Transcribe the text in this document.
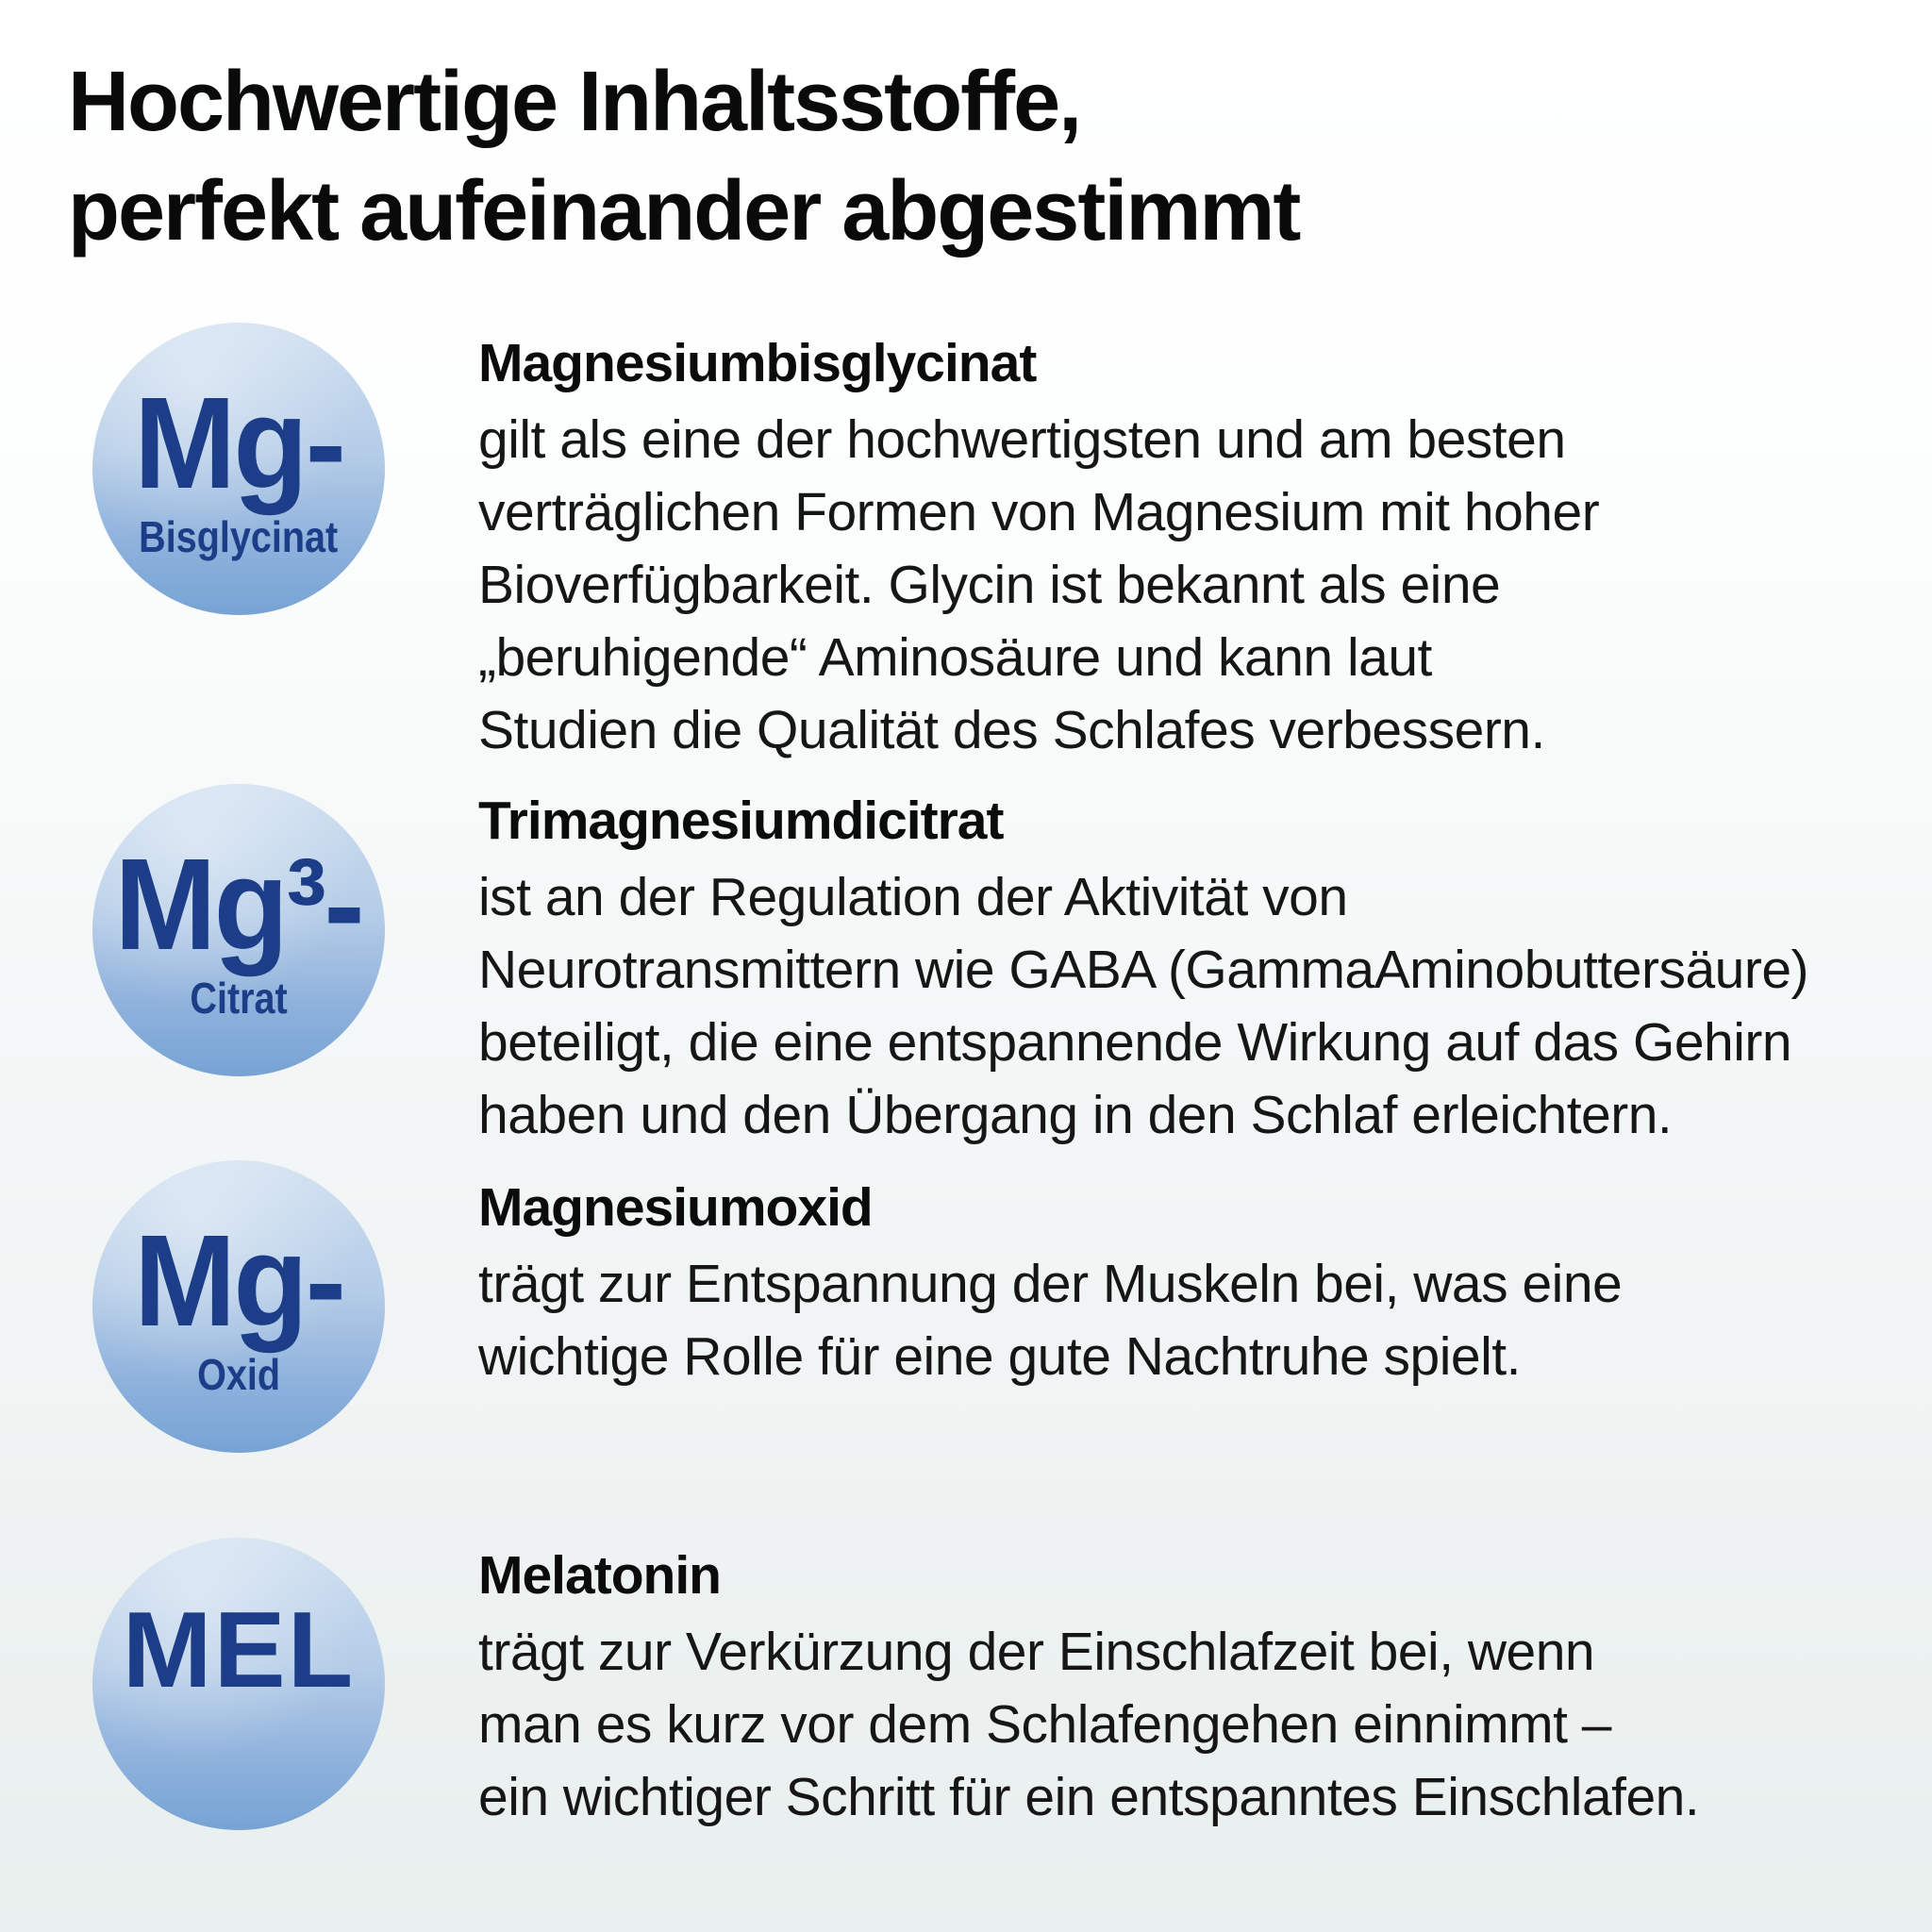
Hochwertige Inhaltsstoffe,
perfekt aufeinander abgestimmt
Mg-
Bisglycinat
Magnesiumbisglycinat
gilt als eine der hochwertigsten und am besten
verträglichen Formen von Magnesium mit hoher
Bioverfügbarkeit. Glycin ist bekannt als eine
„beruhigende“ Aminosäure und kann laut
Studien die Qualität des Schlafes verbessern.
Mg³-
Citrat
Trimagnesiumdicitrat
ist an der Regulation der Aktivität von
Neurotransmittern wie GABA (GammaAminobuttersäure)
beteiligt, die eine entspannende Wirkung auf das Gehirn
haben und den Übergang in den Schlaf erleichtern.
Mg-
Oxid
Magnesiumoxid
trägt zur Entspannung der Muskeln bei, was eine
wichtige Rolle für eine gute Nachtruhe spielt.
MEL
Melatonin
trägt zur Verkürzung der Einschlafzeit bei, wenn
man es kurz vor dem Schlafengehen einnimmt –
ein wichtiger Schritt für ein entspanntes Einschlafen.
